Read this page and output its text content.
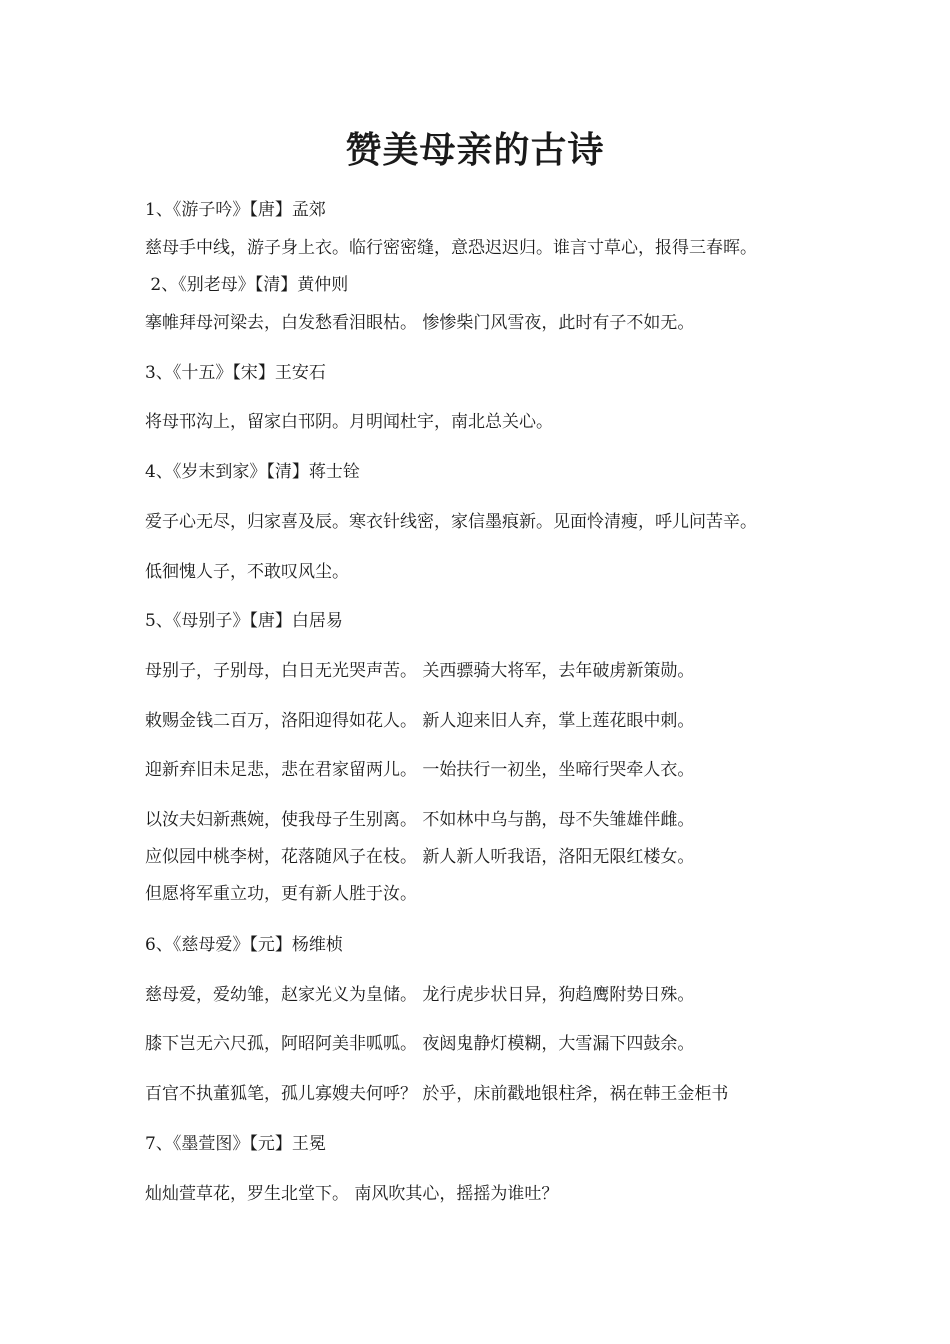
赞美母亲的古诗

1、《游子吟》【唐】孟郊

慈母手中线，游子身上衣。临行密密缝，意恐迟迟归。谁言寸草心，报得三春晖。

2、《别老母》【清】黄仲则

搴帷拜母河梁去，白发愁看泪眼枯。 惨惨柴门风雪夜，此时有子不如无。

3、《十五》【宋】王安石

将母邗沟上，留家白邗阴。月明闻杜宇，南北总关心。

4、《岁末到家》【清】蒋士铨

爱子心无尽，归家喜及辰。寒衣针线密，家信墨痕新。见面怜清瘦，呼儿问苦辛。

低徊愧人子，不敢叹风尘。

5、《母别子》【唐】白居易

母别子，子别母，白日无光哭声苦。 关西骠骑大将军，去年破虏新策勋。

敕赐金钱二百万，洛阳迎得如花人。 新人迎来旧人弃，掌上莲花眼中刺。

迎新弃旧未足悲，悲在君家留两儿。 一始扶行一初坐，坐啼行哭牵人衣。

以汝夫妇新燕婉，使我母子生别离。 不如林中乌与鹊，母不失雏雄伴雌。

应似园中桃李树，花落随风子在枝。 新人新人听我语，洛阳无限红楼女。

但愿将军重立功，更有新人胜于汝。

6、《慈母爱》【元】杨维桢

慈母爱，爱幼雏，赵家光义为皇储。 龙行虎步状日异，狗趋鹰附势日殊。

膝下岂无六尺孤，阿昭阿美非呱呱。 夜闼鬼静灯模糊，大雪漏下四鼓余。

百官不执董狐笔，孤儿寡嫂夫何呼？ 於乎，床前戳地银柱斧，祸在韩王金柜书

7、《墨萱图》【元】王冕

灿灿萱草花，罗生北堂下。 南风吹其心，摇摇为谁吐？
